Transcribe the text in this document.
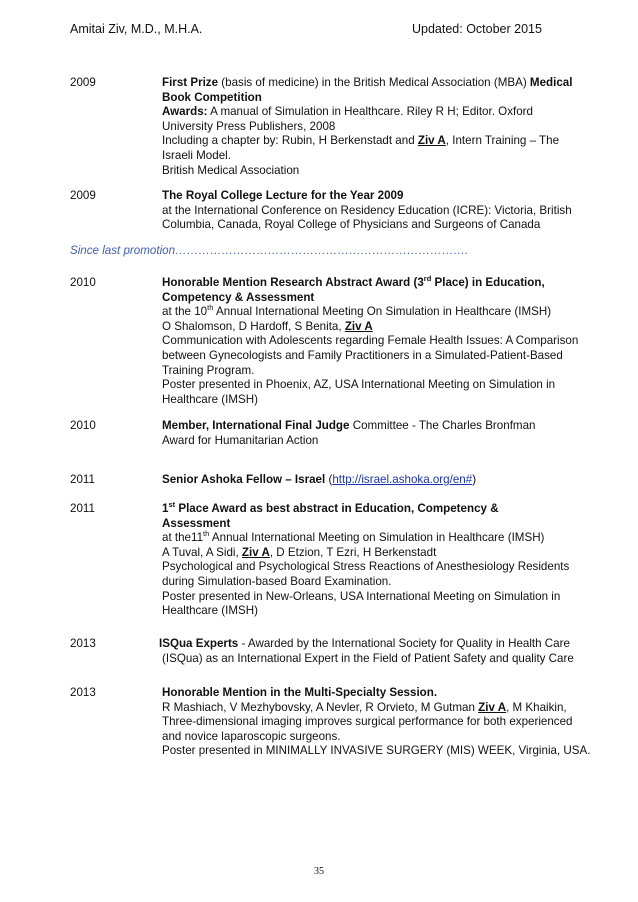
Amitai Ziv, M.D., M.H.A.	Updated: October 2015
2009	First Prize (basis of medicine) in the British Medical Association (MBA) Medical
Book Competition
Awards: A manual of Simulation in Healthcare. Riley R H; Editor. Oxford
University Press Publishers, 2008
Including a chapter by: Rubin, H Berkenstadt and Ziv A, Intern Training – The
Israeli Model.
British Medical Association
2009	The Royal College Lecture for the Year 2009
at the International Conference on Residency Education (ICRE): Victoria, British
Columbia, Canada, Royal College of Physicians and Surgeons of Canada
Since last promotion………………………………………………………………….
2010	Honorable Mention Research Abstract Award (3rd Place) in Education,
Competency & Assessment
at the 10th Annual International Meeting On Simulation in Healthcare (IMSH)
O Shalomson, D Hardoff, S Benita, Ziv A
Communication with Adolescents regarding Female Health Issues: A Comparison
between Gynecologists and Family Practitioners in a Simulated-Patient-Based
Training Program.
Poster presented in Phoenix, AZ, USA International Meeting on Simulation in
Healthcare (IMSH)
2010	Member, International Final Judge Committee - The Charles Bronfman
Award for Humanitarian Action
2011	Senior Ashoka Fellow – Israel (http://israel.ashoka.org/en#)
2011	1st Place Award as best abstract in Education, Competency &
Assessment
at the11th Annual International Meeting on Simulation in Healthcare (IMSH)
A Tuval, A Sidi, Ziv A, D Etzion, T Ezri, H Berkenstadt
Psychological and Psychological Stress Reactions of Anesthesiology Residents
during Simulation-based Board Examination.
Poster presented in New-Orleans, USA International Meeting on Simulation in
Healthcare (IMSH)
2013	ISQua Experts - Awarded by the International Society for Quality in Health Care
(ISQua) as an International Expert in the Field of Patient Safety and quality Care
2013	Honorable Mention in the Multi-Specialty Session.
R Mashiach, V Mezhybovsky, A Nevler, R Orvieto, M Gutman Ziv A, M Khaikin,
Three-dimensional imaging improves surgical performance for both experienced
and novice laparoscopic surgeons.
Poster presented in MINIMALLY INVASIVE SURGERY (MIS) WEEK, Virginia, USA.
35
